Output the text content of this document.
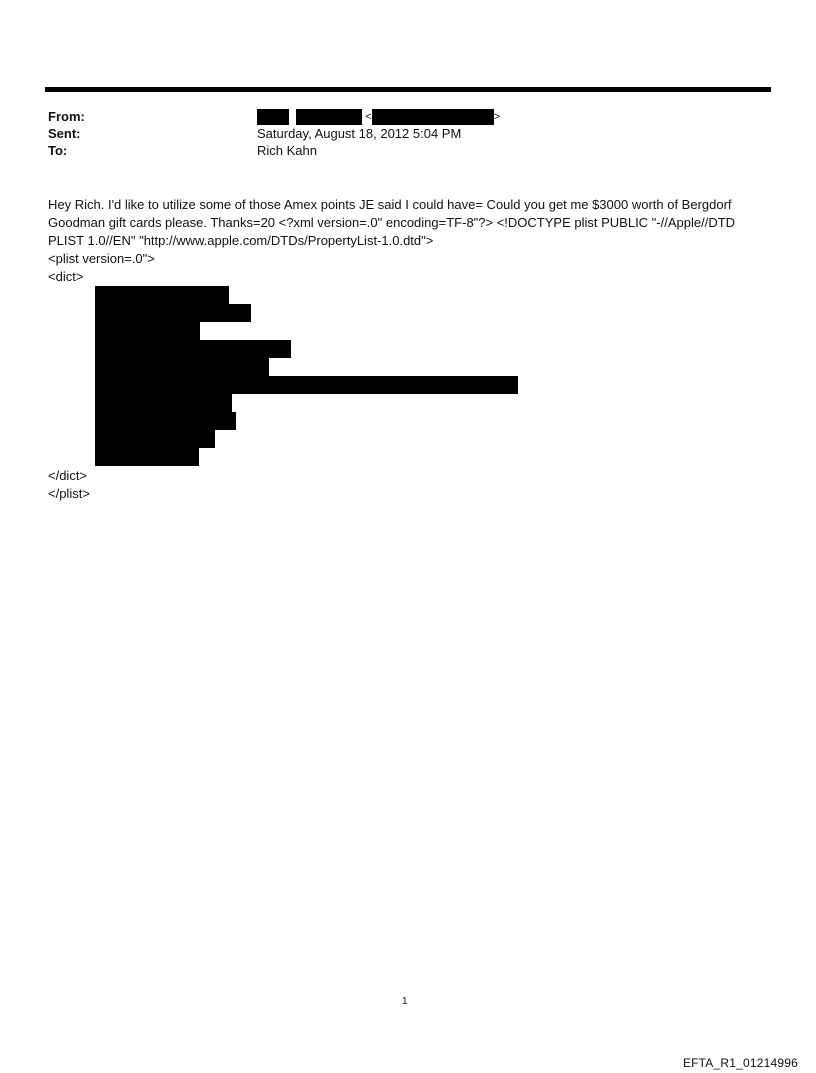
From:	<	>
Sent:	Saturday, August 18, 2012 5:04 PM
To:	Rich Kahn

Hey Rich. I'd like to utilize some of those Amex points JE said I could have= Could you get me $3000 worth of Bergdorf Goodman gift cards please. Thanks=20 <?xml version=.0" encoding=TF-8"?> <!DOCTYPE plist PUBLIC "-//Apple//DTD PLIST 1.0//EN" "http://www.apple.com/DTDs/PropertyList-1.0.dtd">

<plist version=.0">

<dict>

</dict>
</plist>
1
EFTA_R1_01214996
